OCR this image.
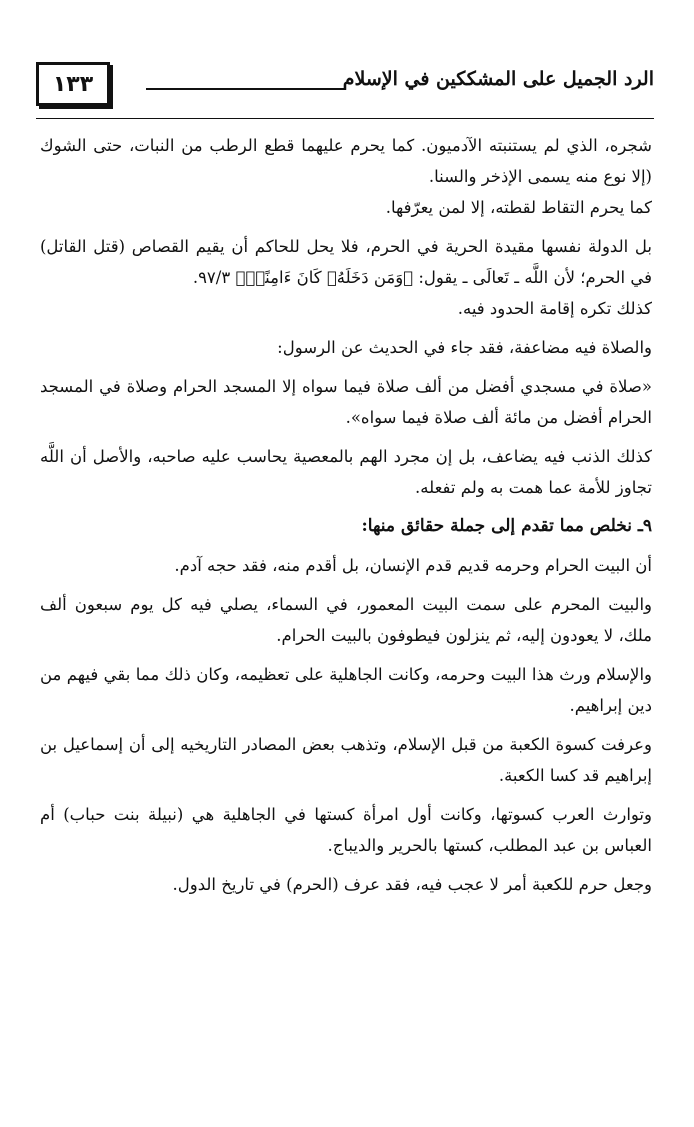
١٣٣	الرد الجميل على المشككين في الإسلام

شجره، الذي لم يستنبته الآدميون. كما يحرم عليهما قطع الرطب من النبات، حتى الشوك (إلا نوع منه يسمى الإذخر والسنا.

كما يحرم التقاط لقطته، إلا لمن يعرّفها.

بل الدولة نفسها مقيدة الحرية في الحرم، فلا يحل للحاكم أن يقيم القصاص (قتل القاتل) في الحرم؛ لأن اللَّه ـ تَعالَى ـ يقول: ﴿وَمَن دَخَلَهُۥ كَانَ ءَامِنًاۗ﴾ ٩٧/٣.

كذلك تكره إقامة الحدود فيه.

والصلاة فيه مضاعفة، فقد جاء في الحديث عن الرسول:

«صلاة في مسجدي أفضل من ألف صلاة فيما سواه إلا المسجد الحرام وصلاة في المسجد الحرام أفضل من مائة ألف صلاة فيما سواه».

كذلك الذنب فيه يضاعف، بل إن مجرد الهم بالمعصية يحاسب عليه صاحبه، والأصل أن اللَّه تجاوز للأمة عما همت به ولم تفعله.

٩ـ نخلص مما تقدم إلى جملة حقائق منها:

أن البيت الحرام وحرمه قديم قدم الإنسان، بل أقدم منه، فقد حجه آدم.

والبيت المحرم على سمت البيت المعمور، في السماء، يصلي فيه كل يوم سبعون ألف ملك، لا يعودون إليه، ثم ينزلون فيطوفون بالبيت الحرام.

والإسلام ورث هذا البيت وحرمه، وكانت الجاهلية على تعظيمه، وكان ذلك مما بقي فيهم من دين إبراهيم.

وعرفت كسوة الكعبة من قبل الإسلام، وتذهب بعض المصادر التاريخيه إلى أن إسماعيل بن إبراهيم قد كسا الكعبة.

وتوارث العرب كسوتها، وكانت أول امرأة كستها في الجاهلية هي (نبيلة بنت حباب) أم العباس بن عبد المطلب، كستها بالحرير والديباج.

وجعل حرم للكعبة أمر لا عجب فيه، فقد عرف (الحرم) في تاريخ الدول.
